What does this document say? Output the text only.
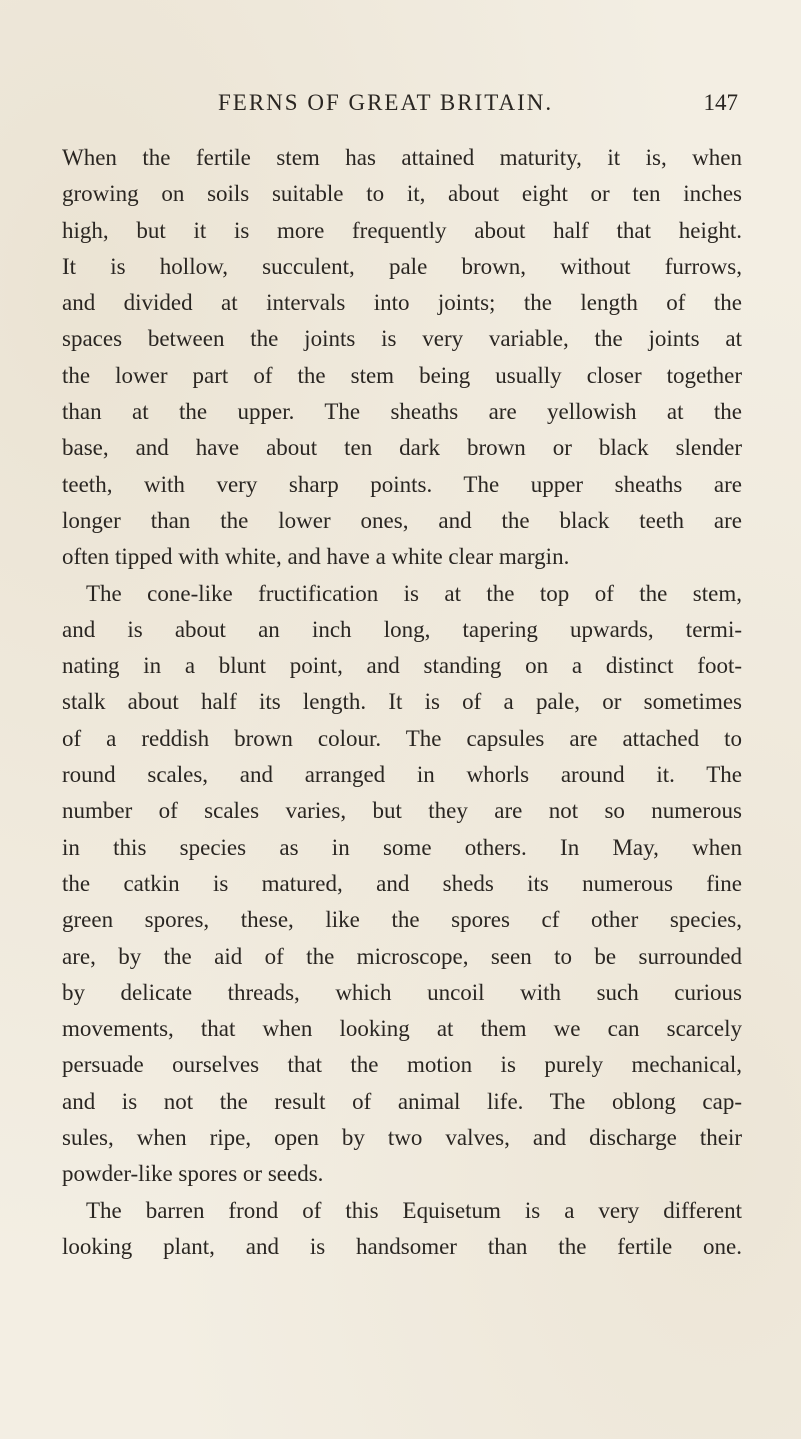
FERNS OF GREAT BRITAIN.	147
When the fertile stem has attained maturity, it is, when
growing on soils suitable to it, about eight or ten inches
high, but it is more frequently about half that height.
It is hollow, succulent, pale brown, without furrows,
and divided at intervals into joints; the length of the
spaces between the joints is very variable, the joints at
the lower part of the stem being usually closer together
than at the upper. The sheaths are yellowish at the
base, and have about ten dark brown or black slender
teeth, with very sharp points. The upper sheaths are
longer than the lower ones, and the black teeth are
often tipped with white, and have a white clear margin.
The cone-like fructification is at the top of the stem,
and is about an inch long, tapering upwards, termi-
nating in a blunt point, and standing on a distinct foot-
stalk about half its length. It is of a pale, or sometimes
of a reddish brown colour. The capsules are attached to
round scales, and arranged in whorls around it. The
number of scales varies, but they are not so numerous
in this species as in some others. In May, when
the catkin is matured, and sheds its numerous fine
green spores, these, like the spores cf other species,
are, by the aid of the microscope, seen to be surrounded
by delicate threads, which uncoil with such curious
movements, that when looking at them we can scarcely
persuade ourselves that the motion is purely mechanical,
and is not the result of animal life. The oblong cap-
sules, when ripe, open by two valves, and discharge their
powder-like spores or seeds.
The barren frond of this Equisetum is a very different
looking plant, and is handsomer than the fertile one.
